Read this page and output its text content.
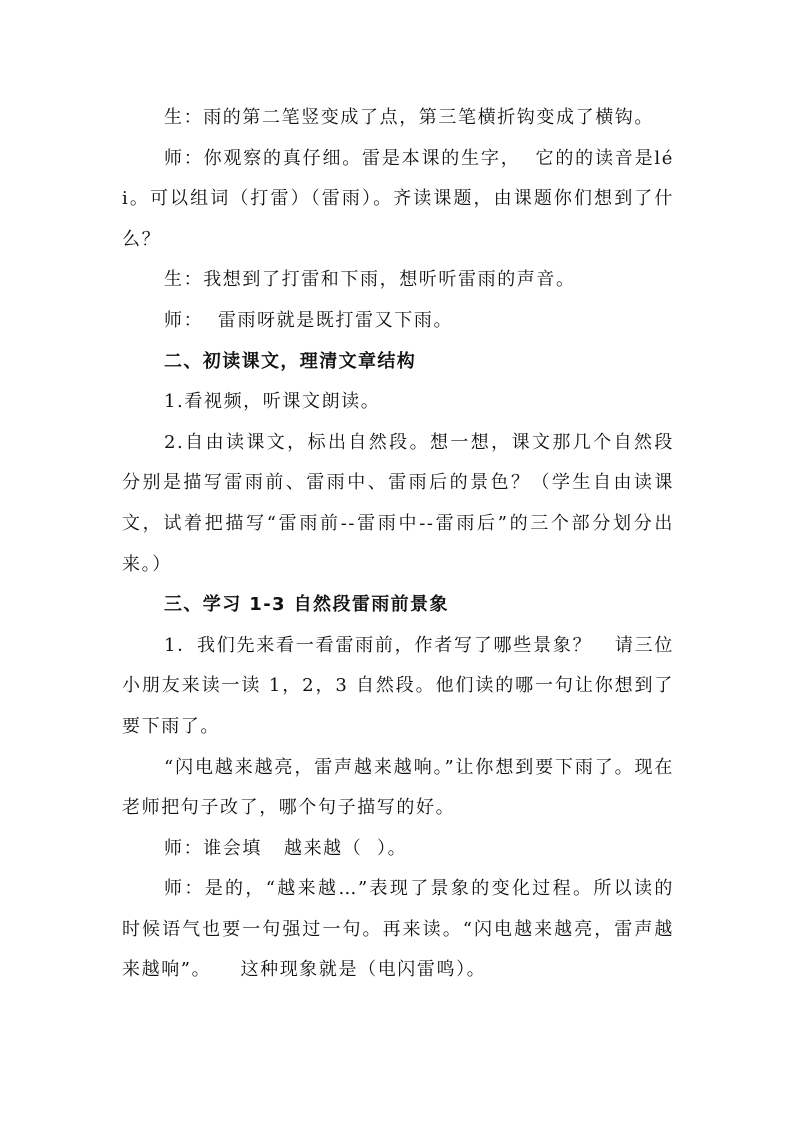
生：雨的第二笔竖变成了点，第三笔横折钩变成了横钩。

师：你观察的真仔细。雷是本课的生字，  它的的读音是lé i。可以组词（打雷）（雷雨）。齐读课题，由课题你们想到了什么？

生：我想到了打雷和下雨，想听听雷雨的声音。

师：  雷雨呀就是既打雷又下雨。

二、初读课文，理清文章结构

1.看视频，听课文朗读。

2.自由读课文，标出自然段。想一想，课文那几个自然段分别是描写雷雨前、雷雨中、雷雨后的景色？（学生自由读课文，试着把描写“雷雨前--雷雨中--雷雨后”的三个部分划分出来。）

三、学习 1-3 自然段雷雨前景象

1．我们先来看一看雷雨前，作者写了哪些景象？   请三位小朋友来读一读 1，2，3 自然段。他们读的哪一句让你想到了要下雨了。

“闪电越来越亮，雷声越来越响。”让你想到要下雨了。现在老师把句子改了，哪个句子描写的好。

师：谁会填   越来越（  ）。

师：是的，“越来越…”表现了景象的变化过程。所以读的时候语气也要一句强过一句。再来读。“闪电越来越亮，雷声越来越响”。    这种现象就是（电闪雷鸣）。
